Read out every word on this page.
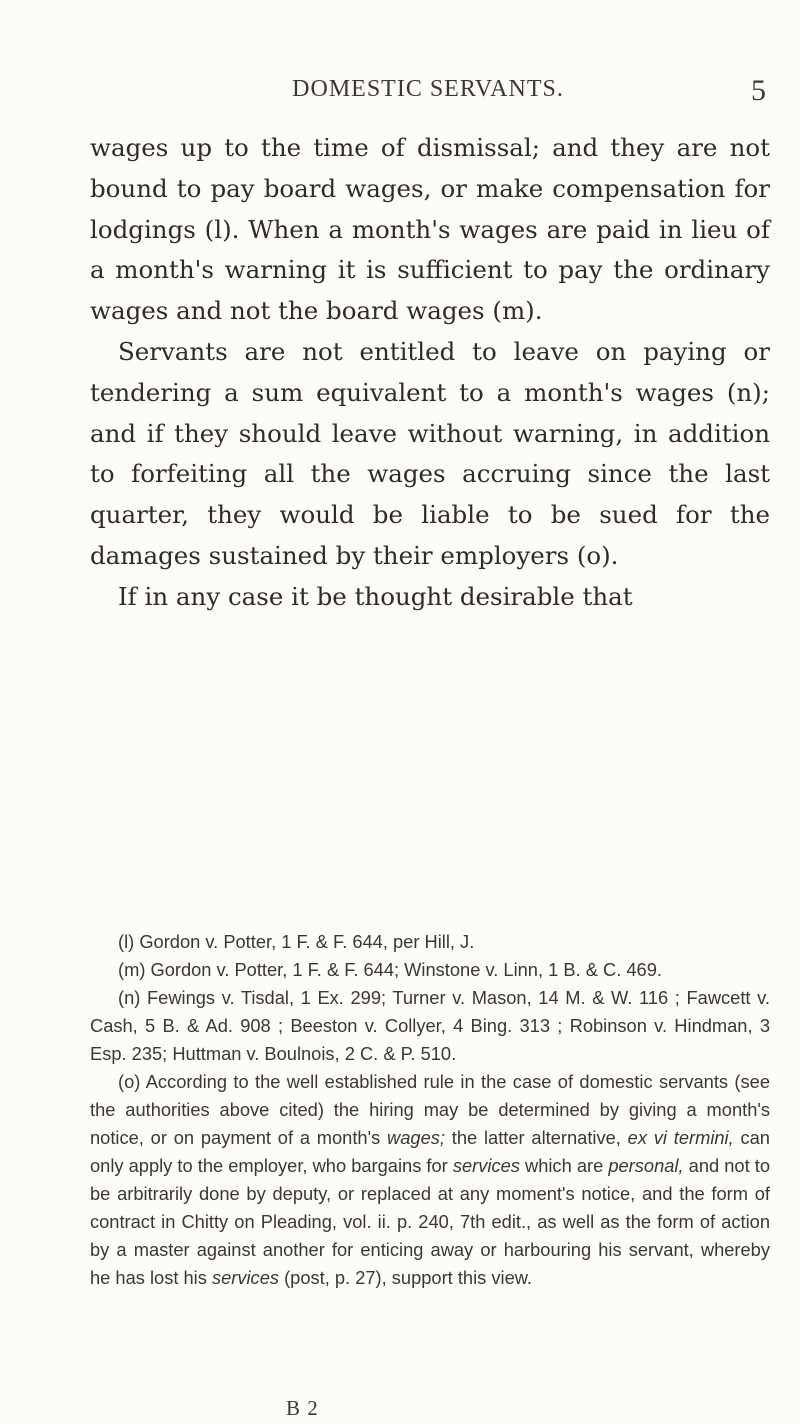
DOMESTIC SERVANTS.	5

wages up to the time of dismissal; and they are not bound to pay board wages, or make compensation for lodgings (l). When a month's wages are paid in lieu of a month's warning it is sufficient to pay the ordinary wages and not the board wages (m).

Servants are not entitled to leave on paying or tendering a sum equivalent to a month's wages (n); and if they should leave without warning, in addition to forfeiting all the wages accruing since the last quarter, they would be liable to be sued for the damages sustained by their employers (o).

If in any case it be thought desirable that

(l) Gordon v. Potter, 1 F. & F. 644, per Hill, J.

(m) Gordon v. Potter, 1 F. & F. 644; Winstone v. Linn, 1 B. & C. 469.

(n) Fewings v. Tisdal, 1 Ex. 299; Turner v. Mason, 14 M. & W. 116 ; Fawcett v. Cash, 5 B. & Ad. 908 ; Beeston v. Collyer, 4 Bing. 313 ; Robinson v. Hindman, 3 Esp. 235; Huttman v. Boulnois, 2 C. & P. 510.

(o) According to the well established rule in the case of domestic servants (see the authorities above cited) the hiring may be determined by giving a month's notice, or on payment of a month's wages; the latter alternative, ex vi termini, can only apply to the employer, who bargains for services which are personal, and not to be arbitrarily done by deputy, or replaced at any moment's notice, and the form of contract in Chitty on Pleading, vol. ii. p. 240, 7th edit., as well as the form of action by a master against another for enticing away or harbouring his servant, whereby he has lost his services (post, p. 27), support this view.

B 2
